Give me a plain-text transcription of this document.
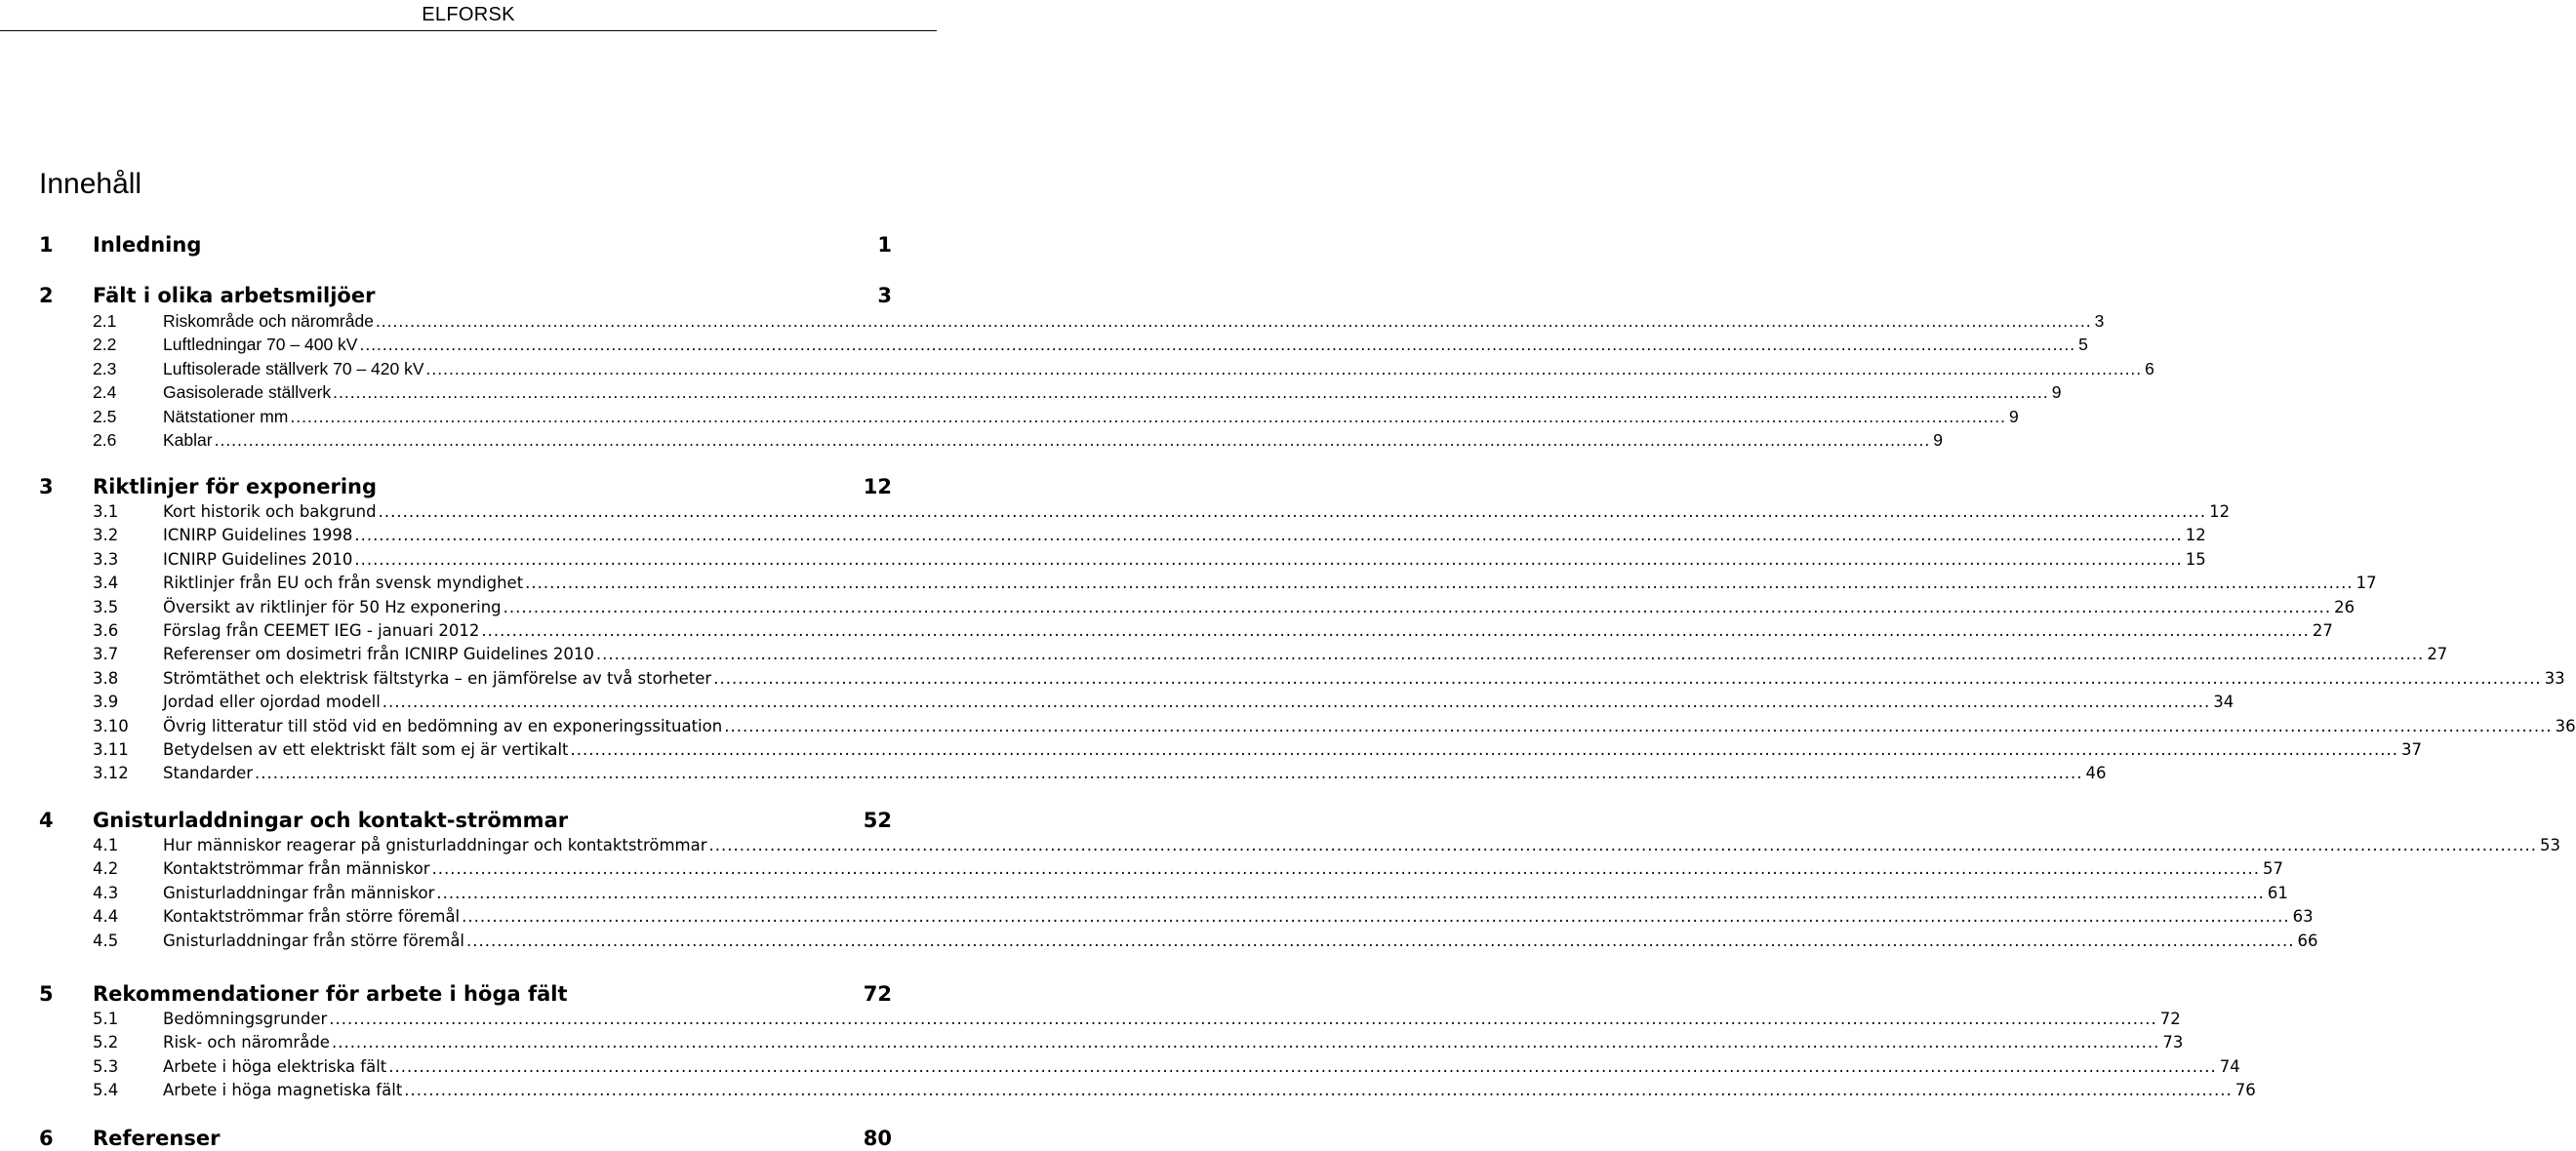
ELFORSK
Innehåll
1 Inledning	1
2 Fält i olika arbetsmiljöer	3
2.1	Riskområde och närområde ............................................................................................................................................................................................................................................................................................................ 3
2.2	Luftledningar 70 – 400 kV ............................................................................................................................................................................................................................................................................................................ 5
2.3	Luftisolerade ställverk 70 – 420 kV ............................................................................................................................................................................................................................................................................................................ 6
2.4	Gasisolerade ställverk ............................................................................................................................................................................................................................................................................................................ 9
2.5	Nätstationer mm ............................................................................................................................................................................................................................................................................................................ 9
2.6	Kablar ............................................................................................................................................................................................................................................................................................................ 9
3 Riktlinjer för exponering	12
3.1	Kort historik och bakgrund ............................................................................................................................................................................................................................................................................................................ 12
3.2	ICNIRP Guidelines 1998 ............................................................................................................................................................................................................................................................................................................ 12
3.3	ICNIRP Guidelines 2010 ............................................................................................................................................................................................................................................................................................................ 15
3.4	Riktlinjer från EU och från svensk myndighet ............................................................................................................................................................................................................................................................................................................ 17
3.5	Översikt av riktlinjer för 50 Hz exponering ............................................................................................................................................................................................................................................................................................................ 26
3.6	Förslag från CEEMET IEG - januari 2012 ............................................................................................................................................................................................................................................................................................................ 27
3.7	Referenser om dosimetri från ICNIRP Guidelines 2010 ............................................................................................................................................................................................................................................................................................................ 27
3.8	Strömtäthet och elektrisk fältstyrka – en jämförelse av två storheter ............................................................................................................................................................................................................................................................................................................ 33
3.9	Jordad eller ojordad modell ............................................................................................................................................................................................................................................................................................................ 34
3.10	Övrig litteratur till stöd vid en bedömning av en exponeringssituation ............................................................................................................................................................................................................................................................................................................ 36
3.11	Betydelsen av ett elektriskt fält som ej är vertikalt ............................................................................................................................................................................................................................................................................................................ 37
3.12	Standarder ............................................................................................................................................................................................................................................................................................................ 46
4 Gnisturladdningar och kontakt-strömmar	52
4.1	Hur människor reagerar på gnisturladdningar och kontaktströmmar ............................................................................................................................................................................................................................................................................................................ 53
4.2	Kontaktströmmar från människor ............................................................................................................................................................................................................................................................................................................ 57
4.3	Gnisturladdningar från människor ............................................................................................................................................................................................................................................................................................................ 61
4.4	Kontaktströmmar från större föremål ............................................................................................................................................................................................................................................................................................................ 63
4.5	Gnisturladdningar från större föremål ............................................................................................................................................................................................................................................................................................................ 66
5 Rekommendationer för arbete i höga fält	72
5.1	Bedömningsgrunder ............................................................................................................................................................................................................................................................................................................ 72
5.2	Risk- och närområde ............................................................................................................................................................................................................................................................................................................ 73
5.3	Arbete i höga elektriska fält ............................................................................................................................................................................................................................................................................................................ 74
5.4	Arbete i höga magnetiska fält ............................................................................................................................................................................................................................................................................................................ 76
6 Referenser	80
